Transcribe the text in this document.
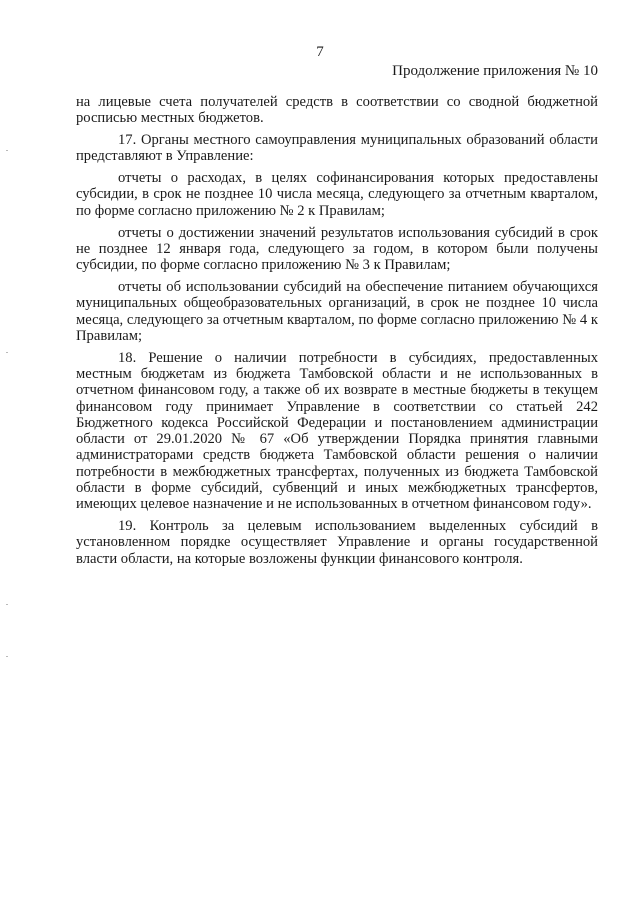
7

Продолжение приложения № 10

на лицевые счета получателей средств в соответствии со сводной бюджетной росписью местных бюджетов.

17. Органы местного самоуправления муниципальных образований области представляют в Управление:

отчеты о расходах, в целях софинансирования которых предоставлены субсидии, в срок не позднее 10 числа месяца, следующего за отчетным кварталом, по форме согласно приложению № 2 к Правилам;

отчеты о достижении значений результатов использования субсидий в срок не позднее 12 января года, следующего за годом, в котором были получены субсидии, по форме согласно приложению № 3 к Правилам;

отчеты об использовании субсидий на обеспечение питанием обучающихся муниципальных общеобразовательных организаций, в срок не позднее 10 числа месяца, следующего за отчетным кварталом, по форме согласно приложению № 4 к Правилам;

18. Решение о наличии потребности в субсидиях, предоставленных местным бюджетам из бюджета Тамбовской области и не использованных в отчетном финансовом году, а также об их возврате в местные бюджеты в текущем финансовом году принимает Управление в соответствии со статьей 242 Бюджетного кодекса Российской Федерации и постановлением администрации области от 29.01.2020 № 67 «Об утверждении Порядка принятия главными администраторами средств бюджета Тамбовской области решения о наличии потребности в межбюджетных трансфертах, полученных из бюджета Тамбовской области в форме субсидий, субвенций и иных межбюджетных трансфертов, имеющих целевое назначение и не использованных в отчетном финансовом году».

19. Контроль за целевым использованием выделенных субсидий в установленном порядке осуществляет Управление и органы государственной власти области, на которые возложены функции финансового контроля.
